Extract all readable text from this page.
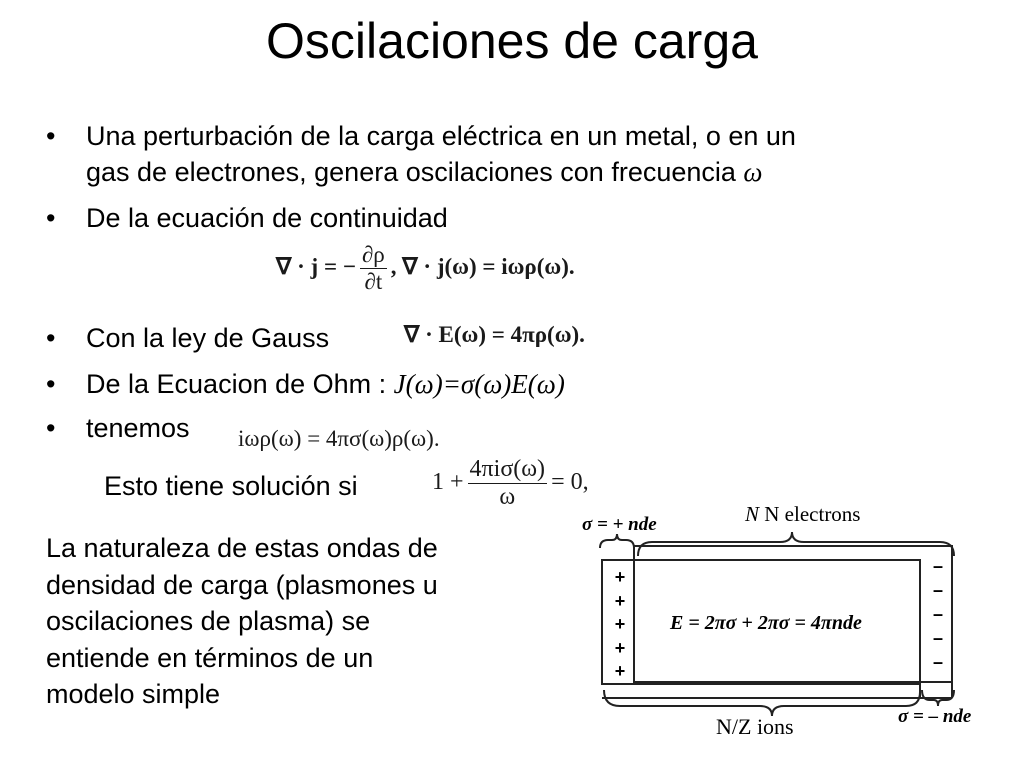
Oscilaciones de carga
• Una perturbación de la carga eléctrica en un metal, o en un
gas de electrones, genera oscilaciones con frecuencia ω
• De la ecuación de continuidad
∇ · j = − $\frac{\partial\rho}{\partial t}$ , ∇ · j(ω) = iωρ(ω).
• Con la ley de Gauss	∇ · E(ω) = 4πρ(ω).
• De la Ecuacion de Ohm : J(ω)=σ(ω)E(ω)
• tenemos iωρ(ω) = 4πσ(ω)ρ(ω).
Esto tiene solución si	$1 + \frac{\text{4πiσ(ω)}}{\omega} = 0$,
La naturaleza de estas ondas de
densidad de carga (plasmones u
oscilaciones de plasma) se
entiende en términos de un
modelo simple
σ = + nde	N N electrons
+
+
+
+
+
–
–
–
–
–
E = 2πσ + 2πσ = 4πnde
σ = – nde
N/Z ions
